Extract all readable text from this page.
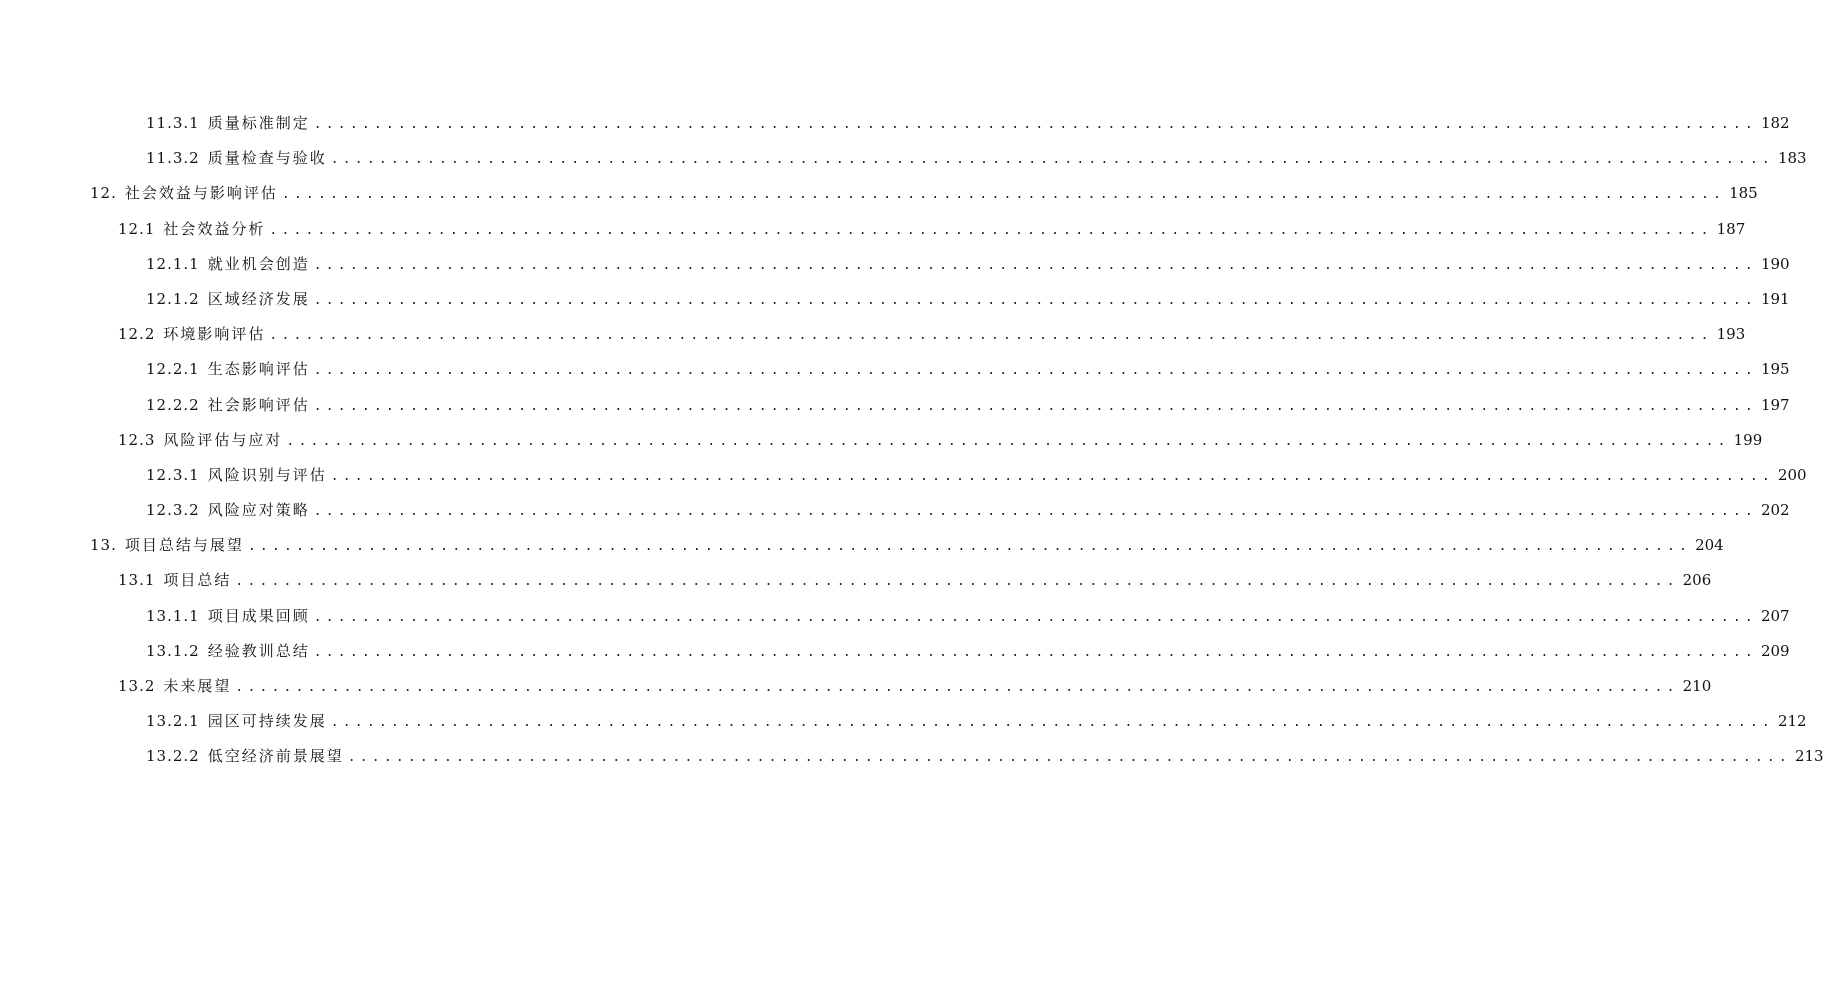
11.3.1 质量标准制定 ........................................................................................................................ 182
11.3.2 质量检查与验收 ........................................................................................................................ 183
12. 社会效益与影响评估 ........................................................................................................................ 185
12.1 社会效益分析 ........................................................................................................................ 187
12.1.1 就业机会创造 ........................................................................................................................ 190
12.1.2 区域经济发展 ........................................................................................................................ 191
12.2 环境影响评估 ........................................................................................................................ 193
12.2.1 生态影响评估 ........................................................................................................................ 195
12.2.2 社会影响评估 ........................................................................................................................ 197
12.3 风险评估与应对 ........................................................................................................................ 199
12.3.1 风险识别与评估 ........................................................................................................................ 200
12.3.2 风险应对策略 ........................................................................................................................ 202
13. 项目总结与展望 ........................................................................................................................ 204
13.1 项目总结 ........................................................................................................................ 206
13.1.1 项目成果回顾 ........................................................................................................................ 207
13.1.2 经验教训总结 ........................................................................................................................ 209
13.2 未来展望 ........................................................................................................................ 210
13.2.1 园区可持续发展 ........................................................................................................................ 212
13.2.2 低空经济前景展望 ........................................................................................................................ 213
